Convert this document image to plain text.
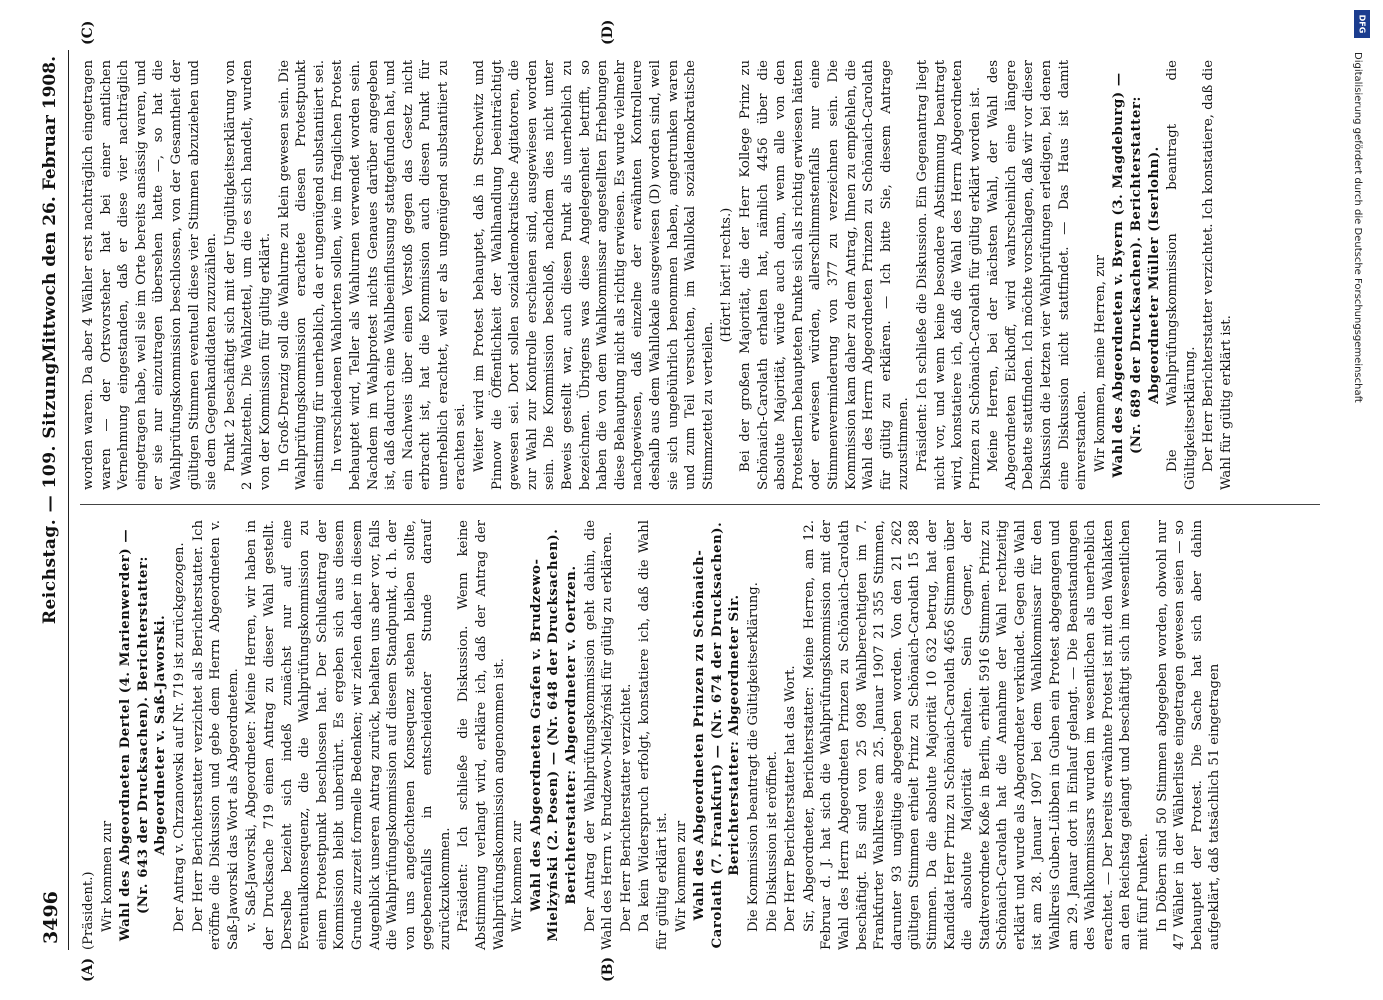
3496
Reichstag. — 109. Sitzung.
Mittwoch den 26. Februar 1908.
(A)	(B)
(C)	(D)

(Präsident.) Wir kommen zur Wahl des Abgeordneten Dertel (4. Marienwerder) — (Nr. 643 der Drucksachen). Berichterstatter: Abgeordneter v. Saß-Jaworski. Der Antrag v. Chrzanowski auf Nr. 719 ist zurückgezogen. Der Herr Berichterstatter verzichtet als Berichterstatter. Ich eröffne die Diskussion und gebe dem Herrn Abgeordneten v. Saß-Jaworski das Wort als Abgeordnetem. v. Saß-Jaworski, Abgeordneter: Meine Herren, wir haben in der Drucksache 719 einen Antrag zu dieser Wahl gestellt. Derselbe bezieht sich indeß zunächst nur auf eine Eventualkonsequenz, die die Wahlprüfungskommission zu einem Protestpunkt beschlossen hat. Der Schlußantrag der Kommission bleibt unberührt. Es ergeben sich aus diesem Grunde zurzeit formelle Bedenken; wir ziehen daher in diesem Augenblick unseren Antrag zurück, behalten uns aber vor, falls die Wahlprüfungskommission auf diesem Standpunkt, d. h. der von uns angefochtenen Konsequenz stehen bleiben sollte, gegebenenfalls in entscheidender Stunde darauf zurückzukommen. Präsident: Ich schließe die Diskussion. Wenn keine Abstimmung verlangt wird, erkläre ich, daß der Antrag der Wahlprüfungskommission angenommen ist. Wir kommen zur Wahl des Abgeordneten Grafen v. Brudzewo-Mielżyński (2. Posen) — (Nr. 648 der Drucksachen). Berichterstatter: Abgeordneter v. Oertzen. Der Antrag der Wahlprüfungskommission geht dahin, die Wahl des Herrn v. Brudzewo-Mielżyński für gültig zu erklären. Der Herr Berichterstatter verzichtet. Da kein Widerspruch erfolgt, konstatiere ich, daß die Wahl für gültig erklärt ist. Wir kommen zur Wahl des Abgeordneten Prinzen zu Schönaich-Carolath (7. Frankfurt) — (Nr. 674 der Drucksachen). Berichterstatter: Abgeordneter Sir. Die Kommission beantragt die Gültigkeitserklärung. Die Diskussion ist eröffnet. Der Herr Berichterstatter hat das Wort. Sir, Abgeordneter, Berichterstatter: Meine Herren, am 12. Februar d. J. hat sich die Wahlprüfungskommission mit der Wahl des Herrn Abgeordneten Prinzen zu Schönaich-Carolath beschäftigt. Es sind von 25 098 Wahlberechtigten im 7. Frankfurter Wahlkreise am 25. Januar 1907 21 355 Stimmen, darunter 93 ungültige abgegeben worden. Von den 21 262 gültigen Stimmen erhielt Prinz zu Schönaich-Carolath 15 288 Stimmen. Da die absolute Majorität 10 632 betrug, hat der Kandidat Herr Prinz zu Schönaich-Carolath 4656 Stimmen über die absolute Majorität erhalten. Sein Gegner, der Stadtverordnete Koße in Berlin, erhielt 5916 Stimmen. Prinz zu Schönaich-Carolath hat die Annahme der Wahl rechtzeitig erklärt und wurde als Abgeordneter verkündet. Gegen die Wahl ist am 28. Januar 1907 bei dem Wahlkommissar für den Wahlkreis Guben-Lübben in Guben ein Protest abgegangen und am 29. Januar dort in Einlauf gelangt. — Die Beanstandungen des Wahlkommissars wurden im wesentlichen als unerheblich erachtet. — Der bereits erwähnte Protest ist mit den Wahlakten an den Reichstag gelangt und beschäftigt sich im wesentlichen mit fünf Punkten. In Döbern sind 50 Stimmen abgegeben worden, obwohl nur 47 Wähler in der Wählerliste eingetragen gewesen seien — so behauptet der Protest. Die Sache hat sich aber dahin aufgeklärt, daß tatsächlich 51 eingetragen

worden waren. Da aber 4 Wähler erst nachträglich eingetragen waren — der Ortsvorsteher hat bei einer amtlichen Vernehmung eingestanden, daß er diese vier nachträglich eingetragen habe, weil sie im Orte bereits ansässig waren, und er sie nur einzutragen übersehen hatte —, so hat die Wahlprüfungskommission beschlossen, von der Gesamtheit der gültigen Stimmen eventuell diese vier Stimmen abzuziehen und sie dem Gegenkandidaten zuzuzählen. Punkt 2 beschäftigt sich mit der Ungültigkeitserklärung von 2 Wahlzetteln. Die Wahlzettel, um die es sich handelt, wurden von der Kommission für gültig erklärt. In Groß-Drenzig soll die Wahlurne zu klein gewesen sein. Die Wahlprüfungskommission erachtete diesen Protestpunkt einstimmig für unerheblich, da er ungenügend substantiiert sei. In verschiedenen Wahlorten sollen, wie im fraglichen Protest behauptet wird, Teller als Wahlurnen verwendet worden sein. Nachdem im Wahlprotest nichts Genaues darüber angegeben ist, daß dadurch eine Wahlbeeinflussung stattgefunden hat, und ein Nachweis über einen Verstoß gegen das Gesetz nicht erbracht ist, hat die Kommission auch diesen Punkt für unerheblich erachtet, weil er als ungenügend substantiiert zu erachten sei. Weiter wird im Protest behauptet, daß in Strechwitz und Pinnow die Öffentlichkeit der Wahlhandlung beeinträchtigt gewesen sei. Dort sollen sozialdemokratische Agitatoren, die zur Wahl zur Kontrolle erschienen sind, ausgewiesen worden sein. Die Kommission beschloß, nachdem dies nicht unter Beweis gestellt war, auch diesen Punkt als unerheblich zu bezeichnen. Übrigens was diese Angelegenheit betrifft, so haben die von dem Wahlkommissar angestellten Erhebungen diese Behauptung nicht als richtig erwiesen. Es wurde vielmehr nachgewiesen, daß einzelne der erwähnten Kontrolleure deshalb aus dem Wahllokale ausgewiesen (D) worden sind, weil sie sich ungebührlich benommen haben, angetrunken waren und zum Teil versuchten, im Wahllokal sozialdemokratische Stimmzettel zu verteilen.

(Hört! hört! rechts.) Bei der großen Majorität, die der Herr Kollege Prinz zu Schönaich-Carolath erhalten hat, nämlich 4456 über die absolute Majorität, würde auch dann, wenn alle von den Protestlern behaupteten Punkte sich als richtig erwiesen hätten oder erwiesen würden, allerschlimmstenfalls nur eine Stimmenverminderung von 377 zu verzeichnen sein. Die Kommission kam daher zu dem Antrag, Ihnen zu empfehlen, die Wahl des Herrn Abgeordneten Prinzen zu Schönaich-Carolath für gültig zu erklären. — Ich bitte Sie, diesem Antrage zuzustimmen. Präsident: Ich schließe die Diskussion. Ein Gegenantrag liegt nicht vor, und wenn keine besondere Abstimmung beantragt wird, konstatiere ich, daß die Wahl des Herrn Abgeordneten Prinzen zu Schönaich-Carolath für gültig erklärt worden ist. Meine Herren, bei der nächsten Wahl, der Wahl des Abgeordneten Eickhoff, wird wahrscheinlich eine längere Debatte stattfinden. Ich möchte vorschlagen, daß wir vor dieser Diskussion die letzten vier Wahlprüfungen erledigen, bei denen eine Diskussion nicht stattfindet. — Das Haus ist damit einverstanden. Wir kommen, meine Herren, zur Wahl des Abgeordneten v. Byern (3. Magdeburg) — (Nr. 689 der Drucksachen). Berichterstatter: Abgeordneter Müller (Iserlohn). Die Wahlprüfungskommission beantragt die Gültigkeitserklärung. Der Herr Berichterstatter verzichtet. Ich konstatiere, daß die Wahl für gültig erklärt ist.

DFG
Digitalisierung gefördert durch die Deutsche Forschungsgemeinschaft
